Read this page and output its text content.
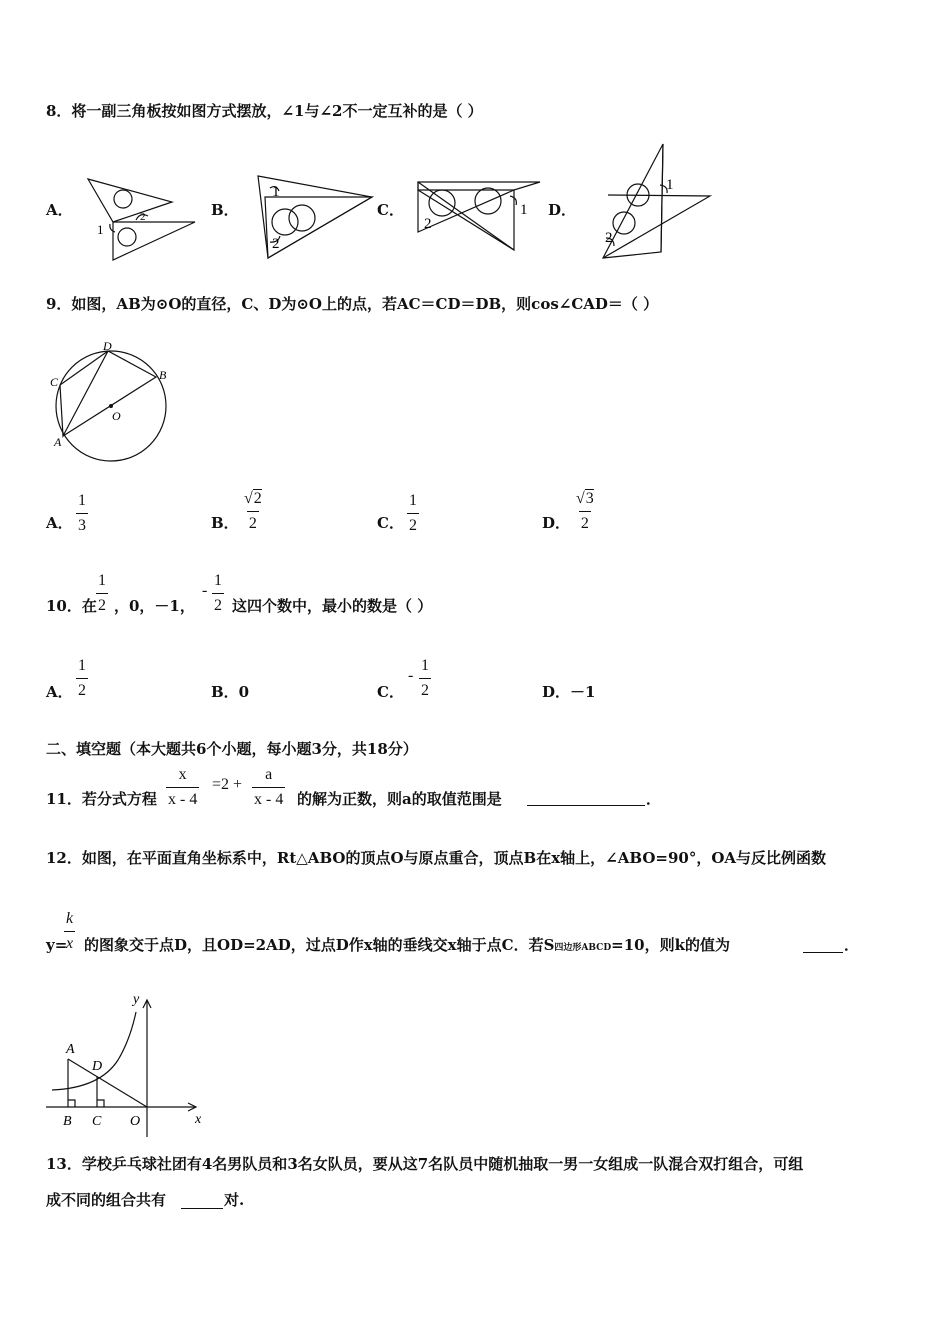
8．将一副三角板按如图方式摆放，∠1与∠2不一定互补的是（ ）
A．
1
2	B．
1
2
C．
2
1 D．
1
2
9．如图，AB为⊙O的直径，C、D为⊙O上的点，若AC＝CD＝DB，则cos∠CAD＝（ ）
D
C	B
O
A
A． $\frac{1}{3}$	B． $\frac{√2}{2}$	C． $\frac{1}{2}$	D． $\frac{√3}{2}$
10．在 $\frac{1}{2}$ ，0，－1，
- $\frac{1}{2}$ 这四个数中，最小的数是（ ）
A． $\frac{1}{2}$	B．0	C．
- $\frac{1}{2}$	D．－1
二、填空题（本大题共6个小题，每小题3分，共18分）
11．若分式方程 $\frac{x}{x - 4} =2 + \frac{a}{x - 4}$ 的解为正数，则a的取值范围是	．
12．如图，在平面直角坐标系中，Rt△ABO的顶点O与原点重合，顶点B在x轴上，∠ABO=90°，OA与反比例函数
y=
$\frac{k}{x}$ 的图象交于点D，且OD=2AD，过点D作x轴的垂线交x轴于点C．若S四边形ABCD=10，则k的值为	．
y
A
D
B C O	x
13．学校乒乓球社团有4名男队员和3名女队员，要从这7名队员中随机抽取一男一女组成一队混合双打组合，可组
成不同的组合共有	对.
